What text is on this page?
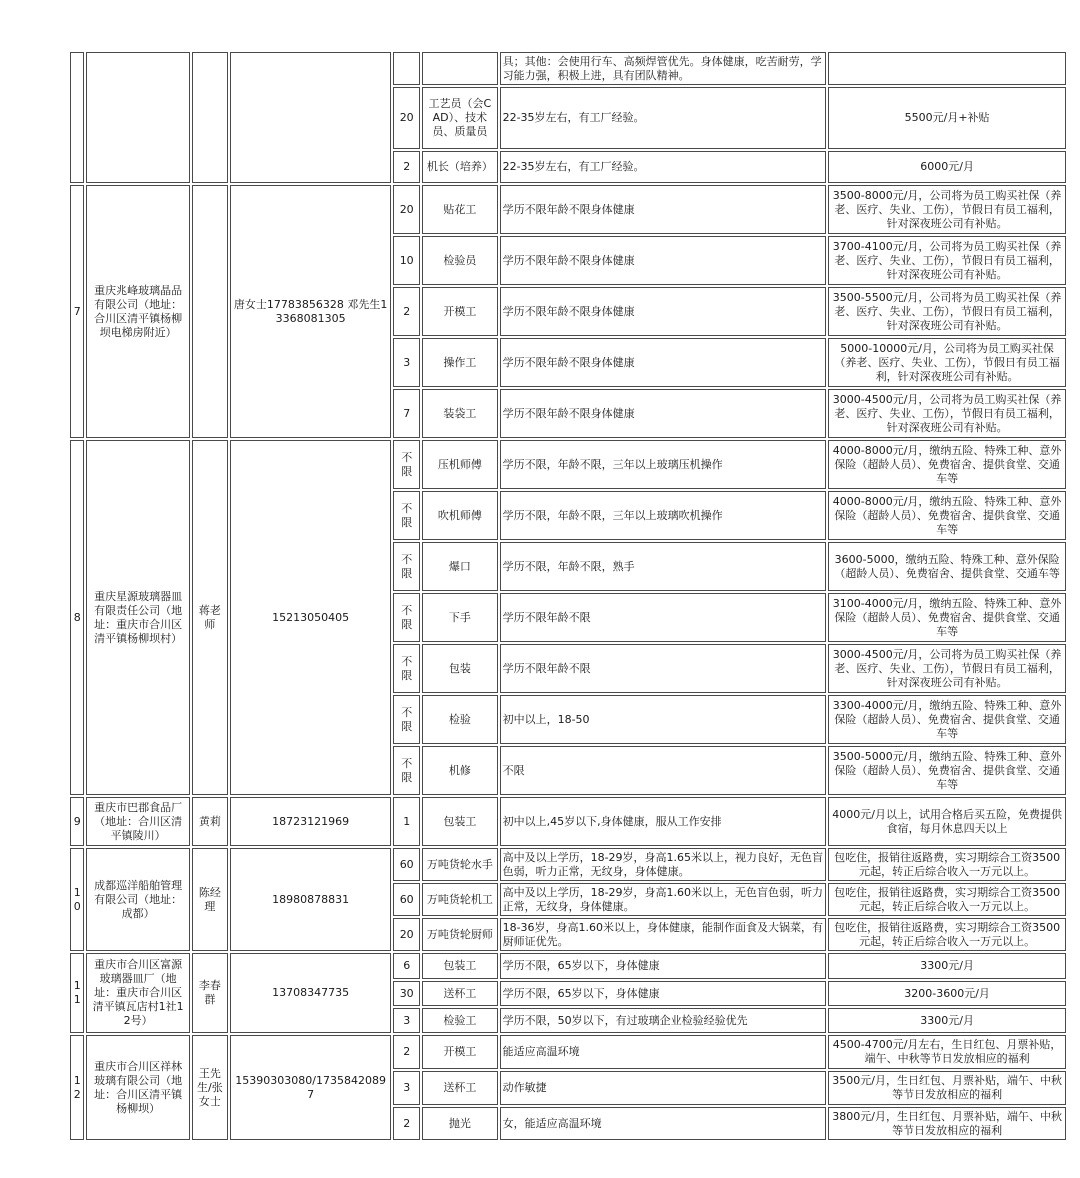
						具；其他：会使用行车、高频焊管优先。身体健康，吃苦耐劳，学习能力强，积极上进，具有团队精神。	
				20	工艺员（会CAD）、技术员、质量员	22-35岁左右，有工厂经验。	5500元/月+补贴
				2	机长（培养）	22-35岁左右，有工厂经验。	6000元/月
7	重庆兆峰玻璃晶品有限公司（地址：合川区清平镇杨柳坝电梯房附近）		唐女士17783856328 邓先生13368081305	20	贴花工	学历不限年龄不限身体健康	3500-8000元/月，公司将为员工购买社保（养老、医疗、失业、工伤），节假日有员工福利，针对深夜班公司有补贴。
				10	检验员	学历不限年龄不限身体健康	3700-4100元/月，公司将为员工购买社保（养老、医疗、失业、工伤），节假日有员工福利，针对深夜班公司有补贴。
				2	开模工	学历不限年龄不限身体健康	3500-5500元/月，公司将为员工购买社保（养老、医疗、失业、工伤），节假日有员工福利，针对深夜班公司有补贴。
				3	操作工	学历不限年龄不限身体健康	5000-10000元/月，公司将为员工购买社保（养老、医疗、失业、工伤），节假日有员工福利，针对深夜班公司有补贴。
				7	装袋工	学历不限年龄不限身体健康	3000-4500元/月，公司将为员工购买社保（养老、医疗、失业、工伤），节假日有员工福利，针对深夜班公司有补贴。
8	重庆星源玻璃器皿有限责任公司（地址：重庆市合川区清平镇杨柳坝村）	蒋老师	15213050405	不限	压机师傅	学历不限，年龄不限，三年以上玻璃压机操作	4000-8000元/月，缴纳五险、特殊工种、意外保险（超龄人员）、免费宿舍、提供食堂、交通车等
				不限	吹机师傅	学历不限，年龄不限，三年以上玻璃吹机操作	4000-8000元/月，缴纳五险、特殊工种、意外保险（超龄人员）、免费宿舍、提供食堂、交通车等
				不限	爆口	学历不限，年龄不限，熟手	3600-5000，缴纳五险、特殊工种、意外保险（超龄人员）、免费宿舍、提供食堂、交通车等
				不限	下手	学历不限年龄不限	3100-4000元/月，缴纳五险、特殊工种、意外保险（超龄人员）、免费宿舍、提供食堂、交通车等
				不限	包装	学历不限年龄不限	3000-4500元/月，公司将为员工购买社保（养老、医疗、失业、工伤），节假日有员工福利，针对深夜班公司有补贴。
				不限	检验	初中以上，18-50	3300-4000元/月，缴纳五险、特殊工种、意外保险（超龄人员）、免费宿舍、提供食堂、交通车等
				不限	机修	不限	3500-5000元/月，缴纳五险、特殊工种、意外保险（超龄人员）、免费宿舍、提供食堂、交通车等
9	重庆市巴郡食品厂（地址：合川区清平镇陵川）	黄莉	18723121969	1	包装工	初中以上,45岁以下,身体健康，服从工作安排	4000元/月以上，试用合格后买五险，免费提供食宿，每月休息四天以上
10	成都巡洋船舶管理有限公司（地址：成都）	陈经理	18980878831	60	万吨货轮水手	高中及以上学历，18-29岁，身高1.65米以上，视力良好，无色盲色弱，听力正常，无纹身，身体健康。	包吃住，报销往返路费，实习期综合工资3500元起，转正后综合收入一万元以上。
				60	万吨货轮机工	高中及以上学历，18-29岁，身高1.60米以上，无色盲色弱，听力正常，无纹身，身体健康。	包吃住，报销往返路费，实习期综合工资3500元起，转正后综合收入一万元以上。
				20	万吨货轮厨师	18-36岁，身高1.60米以上，身体健康，能制作面食及大锅菜，有厨师证优先。	包吃住，报销往返路费，实习期综合工资3500元起，转正后综合收入一万元以上。
11	重庆市合川区富源玻璃器皿厂（地址：重庆市合川区清平镇瓦店村1社12号）	李春群	13708347735	6	包装工	学历不限，65岁以下，身体健康	3300元/月
				30	送杯工	学历不限，65岁以下，身体健康	3200-3600元/月
				3	检验工	学历不限，50岁以下，有过玻璃企业检验经验优先	3300元/月
12	重庆市合川区祥林玻璃有限公司（地址：合川区清平镇杨柳坝）	王先生/张女士	15390303080/17358420897	2	开模工	能适应高温环境	4500-4700元/月左右，生日红包、月票补贴，端午、中秋等节日发放相应的福利
				3	送杯工	动作敏捷	3500元/月，生日红包、月票补贴，端午、中秋等节日发放相应的福利
				2	抛光	女，能适应高温环境	3800元/月，生日红包、月票补贴，端午、中秋等节日发放相应的福利
